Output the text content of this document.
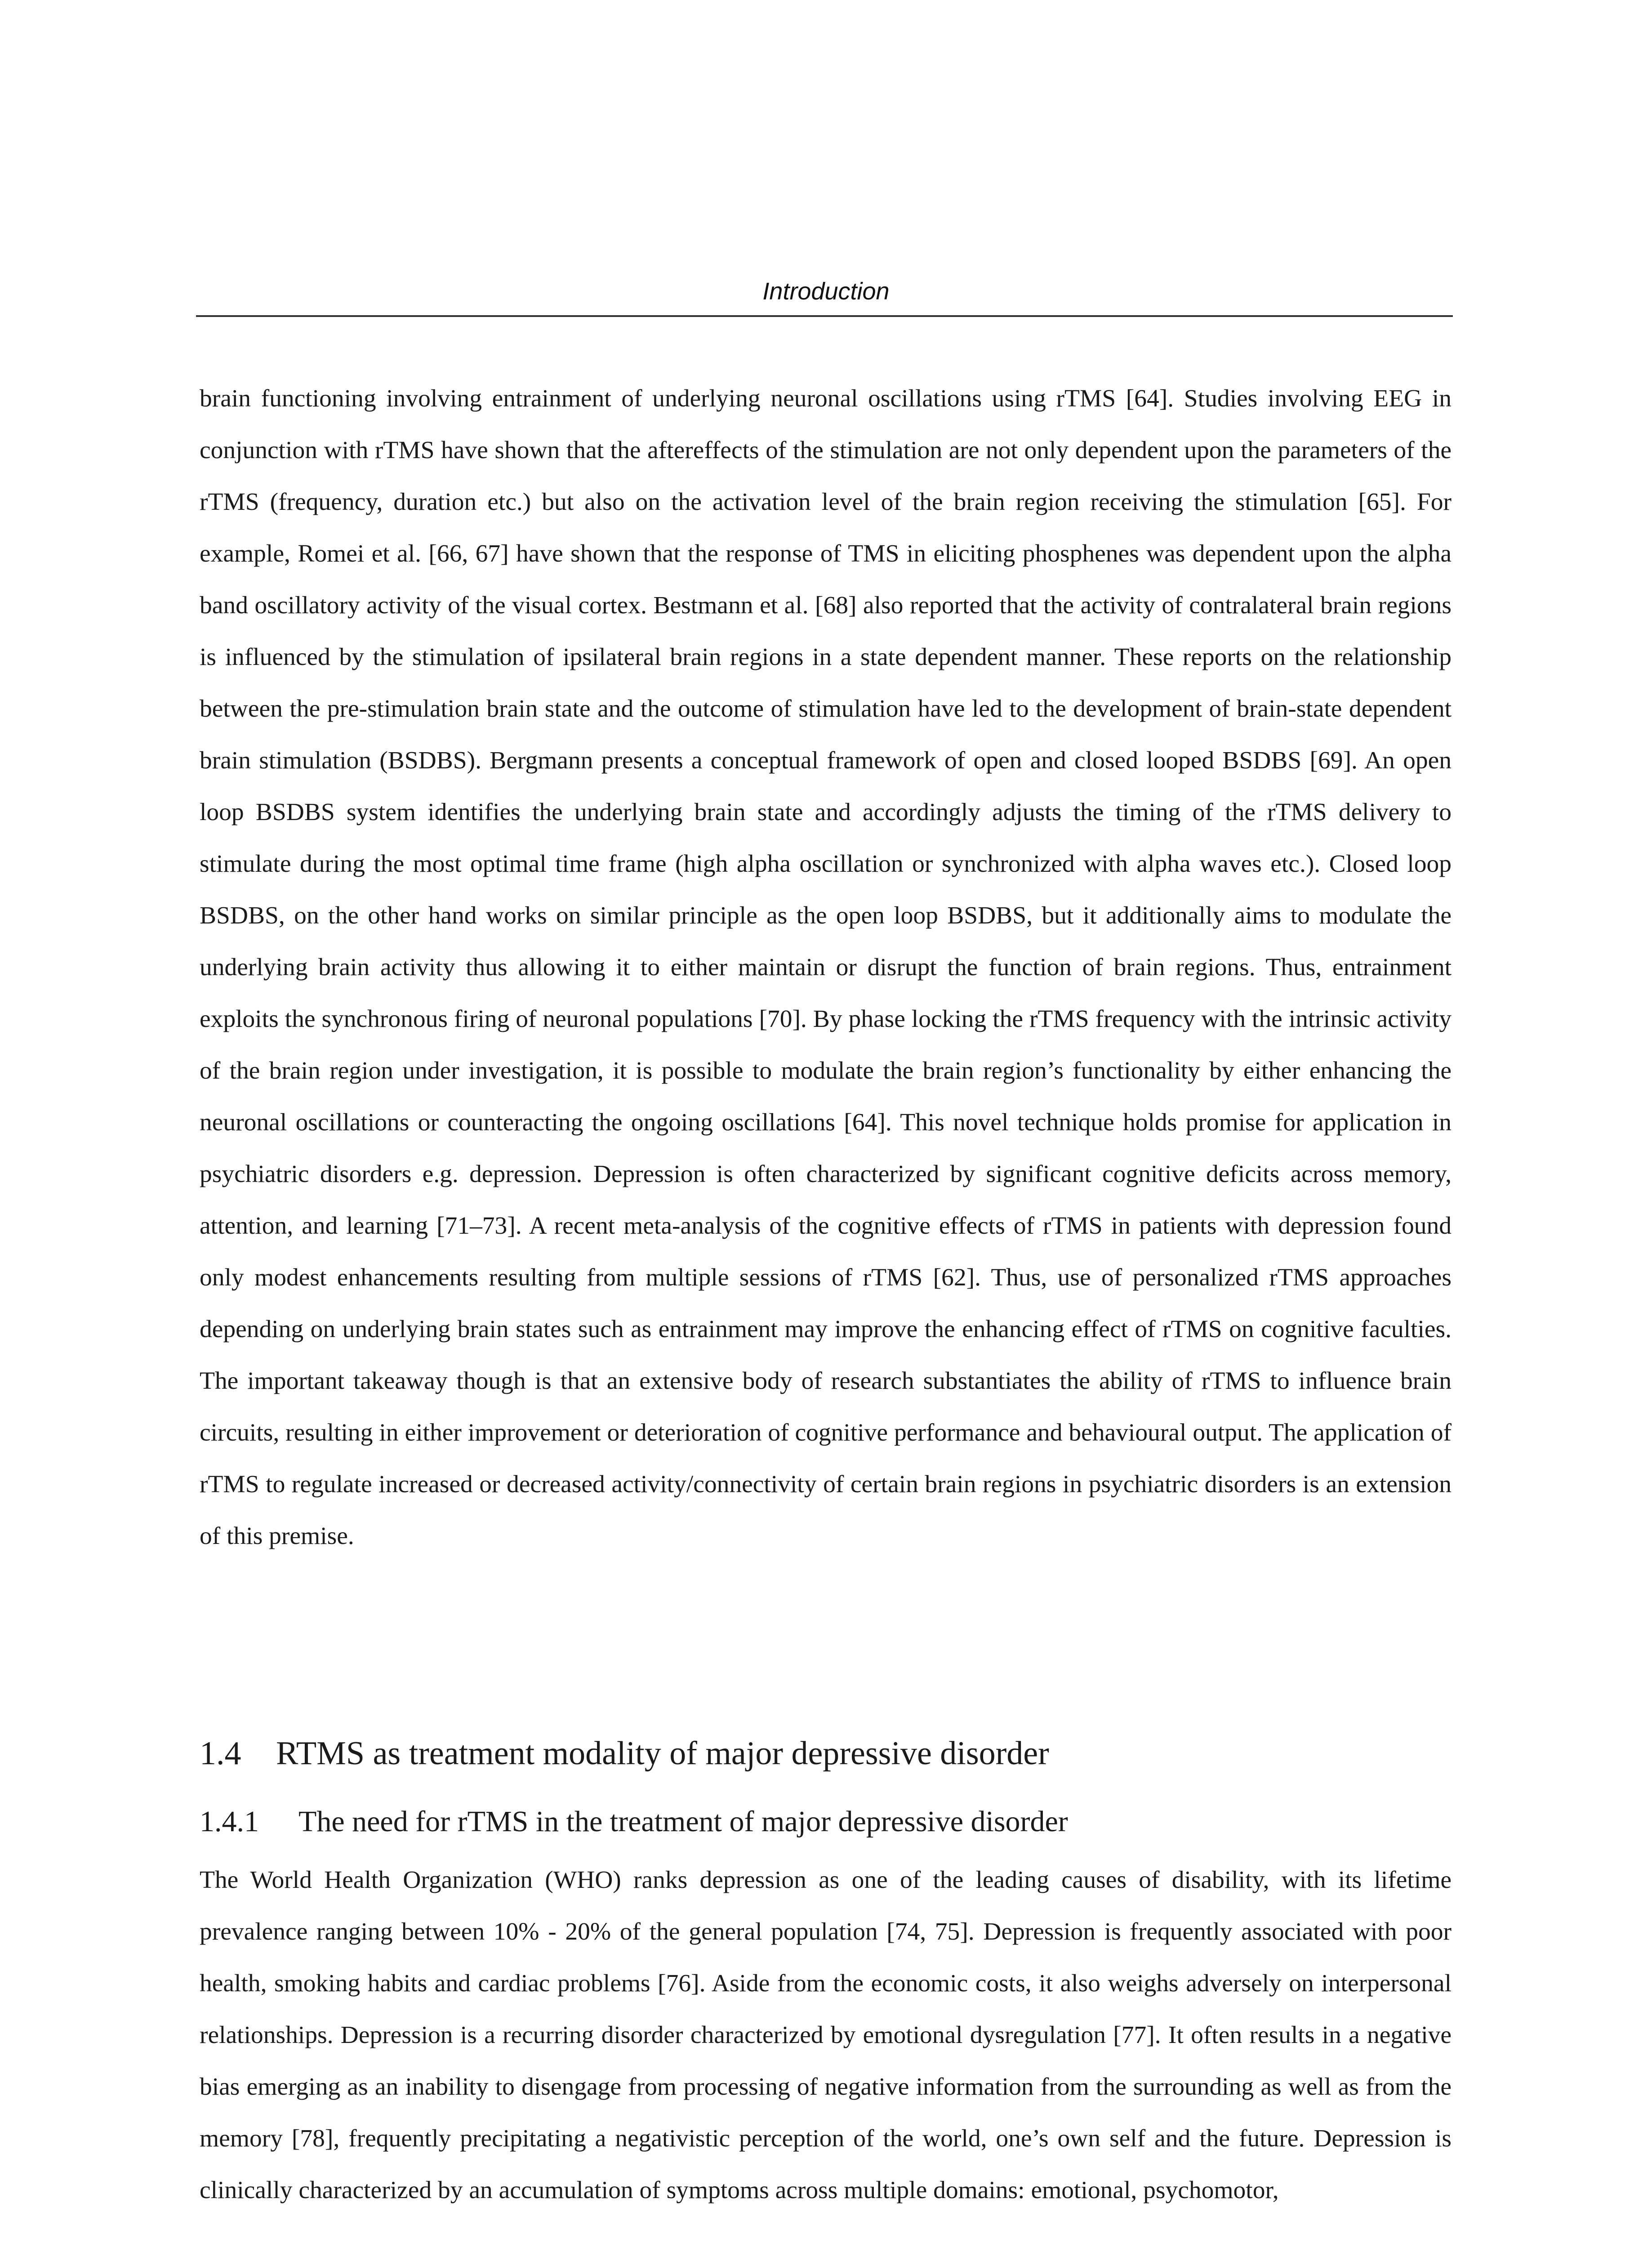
Introduction

brain functioning involving entrainment of underlying neuronal oscillations using rTMS [64]. Studies involving EEG in conjunction with rTMS have shown that the aftereffects of the stimulation are not only dependent upon the parameters of the rTMS (frequency, duration etc.) but also on the activation level of the brain region receiving the stimulation [65]. For example, Romei et al. [66, 67] have shown that the response of TMS in eliciting phosphenes was dependent upon the alpha band oscillatory activity of the visual cortex. Bestmann et al. [68] also reported that the activity of contralateral brain regions is influenced by the stimulation of ipsilateral brain regions in a state dependent manner. These reports on the relationship between the pre-stimulation brain state and the outcome of stimulation have led to the development of brain-state dependent brain stimulation (BSDBS). Bergmann presents a conceptual framework of open and closed looped BSDBS [69]. An open loop BSDBS system identifies the underlying brain state and accordingly adjusts the timing of the rTMS delivery to stimulate during the most optimal time frame (high alpha oscillation or synchronized with alpha waves etc.). Closed loop BSDBS, on the other hand works on similar principle as the open loop BSDBS, but it additionally aims to modulate the underlying brain activity thus allowing it to either maintain or disrupt the function of brain regions. Thus, entrainment exploits the synchronous firing of neuronal populations [70]. By phase locking the rTMS frequency with the intrinsic activity of the brain region under investigation, it is possible to modulate the brain region’s functionality by either enhancing the neuronal oscillations or counteracting the ongoing oscillations [64]. This novel technique holds promise for application in psychiatric disorders e.g. depression. Depression is often characterized by significant cognitive deficits across memory, attention, and learning [71–73]. A recent meta-analysis of the cognitive effects of rTMS in patients with depression found only modest enhancements resulting from multiple sessions of rTMS [62]. Thus, use of personalized rTMS approaches depending on underlying brain states such as entrainment may improve the enhancing effect of rTMS on cognitive faculties. The important takeaway though is that an extensive body of research substantiates the ability of rTMS to influence brain circuits, resulting in either improvement or deterioration of cognitive performance and behavioural output. The application of rTMS to regulate increased or decreased activity/connectivity of certain brain regions in psychiatric disorders is an extension of this premise.

1.4 RTMS as treatment modality of major depressive disorder
1.4.1 The need for rTMS in the treatment of major depressive disorder

The World Health Organization (WHO) ranks depression as one of the leading causes of disability, with its lifetime prevalence ranging between 10% - 20% of the general population [74, 75]. Depression is frequently associated with poor health, smoking habits and cardiac problems [76]. Aside from the economic costs, it also weighs adversely on interpersonal relationships. Depression is a recurring disorder characterized by emotional dysregulation [77]. It often results in a negative bias emerging as an inability to disengage from processing of negative information from the surrounding as well as from the memory [78], frequently precipitating a negativistic perception of the world, one’s own self and the future. Depression is clinically characterized by an accumulation of symptoms across multiple domains: emotional, psychomotor,
